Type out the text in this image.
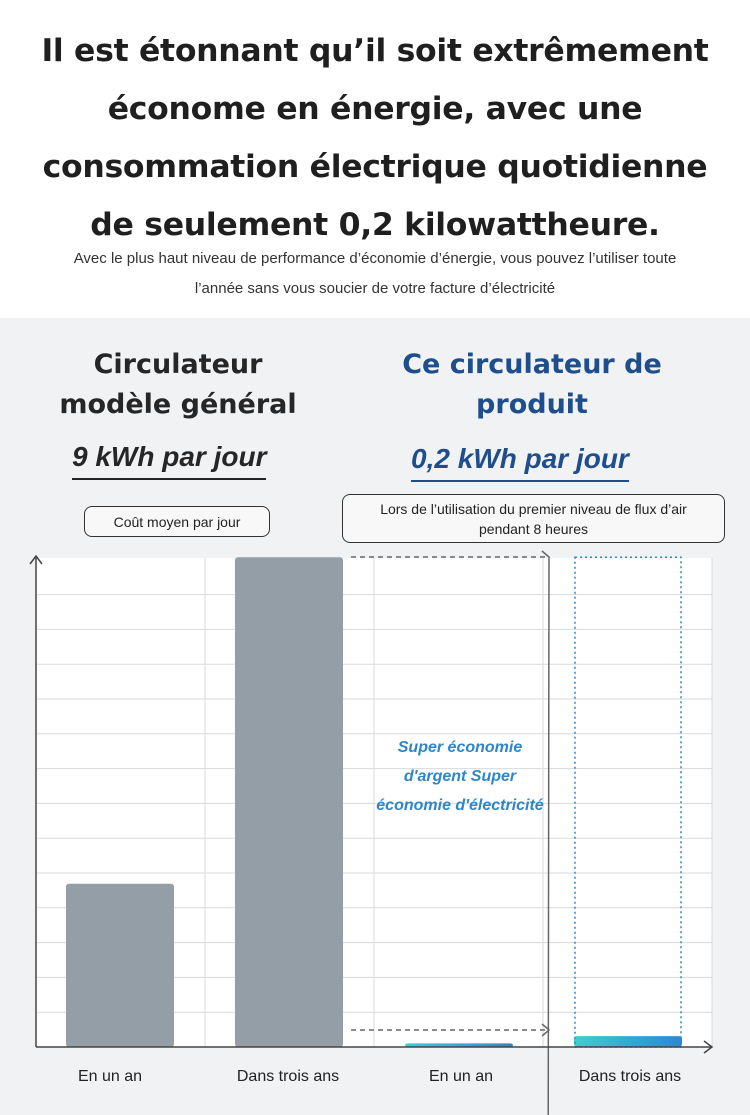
Il est étonnant qu’il soit extrêmement
économe en énergie, avec une
consommation électrique quotidienne
de seulement 0,2 kilowattheure.
Avec le plus haut niveau de performance d’économie d’énergie, vous pouvez l’utiliser toute
l’année sans vous soucier de votre facture d’électricité
Circulateur
modèle général
Ce circulateur de
produit
9 kWh par jour	0,2 kWh par jour
Coût moyen par jour
Lors de l’utilisation du premier niveau de flux d’air
pendant 8 heures
En un an	Dans trois ans	En un an	Dans trois ans
Super économie
d'argent Super
économie d'électricité
